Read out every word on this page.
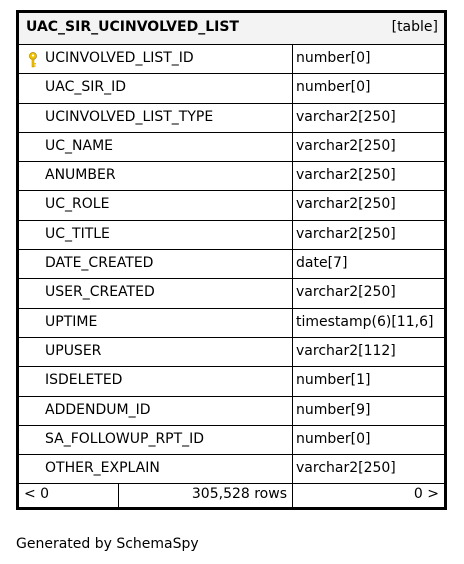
UAC_SIR_UCINVOLVED_LIST	[table]
UCINVOLVED_LIST_ID	number[0]
UAC_SIR_ID	number[0]
UCINVOLVED_LIST_TYPE	varchar2[250]
UC_NAME	varchar2[250]
ANUMBER	varchar2[250]
UC_ROLE	varchar2[250]
UC_TITLE	varchar2[250]
DATE_CREATED	date[7]
USER_CREATED	varchar2[250]
UPTIME	timestamp(6)[11,6]
UPUSER	varchar2[112]
ISDELETED	number[1]
ADDENDUM_ID	number[9]
SA_FOLLOWUP_RPT_ID	number[0]
OTHER_EXPLAIN	varchar2[250]
< 0	305,528 rows	0 >
Generated by SchemaSpy
